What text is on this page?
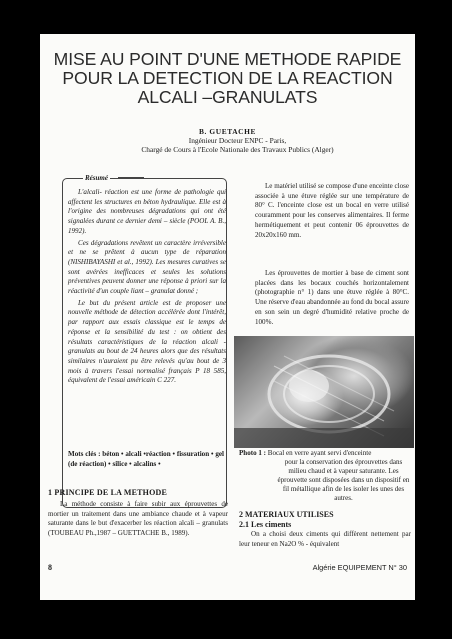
MISE AU POINT D'UNE METHODE RAPIDE
POUR LA DETECTION DE LA REACTION
ALCALI –GRANULATS
B. GUETACHE
Ingénieur Docteur ENPC - Paris,
Chargé de Cours à l'Ecole Nationale des Travaux Publics (Alger)
Résumé

L'alcali- réaction est une forme de pathologie qui affectent les structures en béton hydraulique. Elle est à l'origine des nombreuses dégradations qui ont été signalées durant ce dernier demi – siècle (POOL A. B., 1992).

Ces dégradations revêtent un caractère irréversible et ne se prêtent à aucun type de réparation (NISHIBAYASHI et al., 1992). Les mesures curatives se sont avérées inefficaces et seules les solutions préventives peuvent donner une réponse à priori sur la réactivité d'un couple liant – granulat donné ;

Le but du présent article est de proposer une nouvelle méthode de détection accélérée dont l'intérêt, par rapport aux essais classique est le temps de réponse et la sensibilité du test : on obtient des résultats caractéristiques de la réaction alcali - granulats au bout de 24 heures alors que des résultats similaires n'auraient pu être relevés qu'au bout de 3 mois à travers l'essai normalisé français P 18 585, équivalent de l'essai américain C 227.

Mots clés : béton • alcali •réaction • fissuration • gel (de réaction) • silice • alcalins •
1 PRINCIPE DE LA METHODE
La méthode consiste à faire subir aux éprouvettes de mortier un traitement dans une ambiance chaude et à vapeur saturante dans le but d'exacerber les réaction alcali – granulats (TOUBEAU Ph.,1987 – GUETTACHE B., 1989).
Le matériel utilisé se compose d'une enceinte close associée à une étuve réglée sur une température de 80° C. l'enceinte close est un bocal en verre utilisé couramment pour les conserves alimentaires. Il ferme hermétiquement et peut contenir 06 éprouvettes de 20x20x160 mm.
Les éprouvettes de mortier à base de ciment sont placées dans les bocaux couchés horizontalement (photographie n° 1) dans une étuve réglée à 80°C. Une réserve d'eau abandonnée au fond du bocal assure en son sein un degré d'humidité relative proche de 100%.
Photo 1 : Bocal en verre ayant servi d'enceinte
pour la conservation des éprouvettes dans milieu chaud et à vapeur saturante. Les éprouvette sont disposées dans un dispositif en fil métallique afin de les isoler les unes des autres.
2 MATERIAUX UTILISES
2.1 Les ciments
On a choisi deux ciments qui diffèrent nettement par leur teneur en Na2O % - équivalent
8	Algérie EQUIPEMENT N° 30
